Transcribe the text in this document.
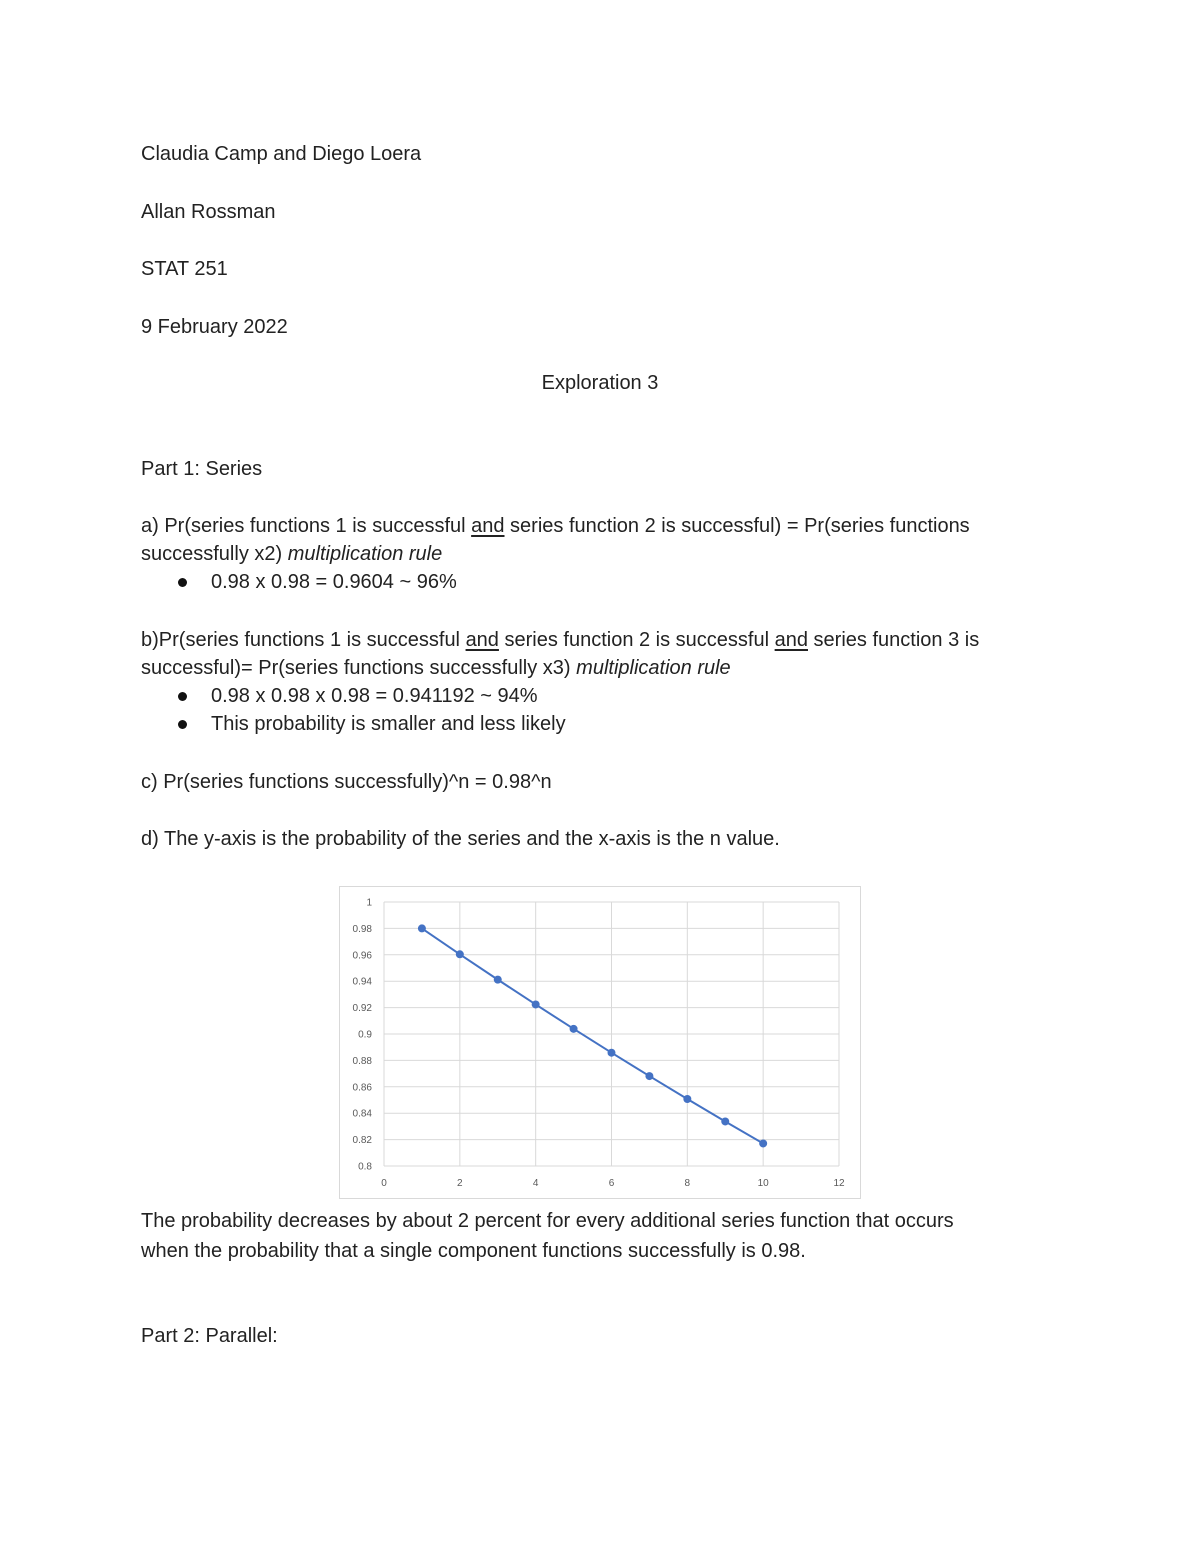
Claudia Camp and Diego Loera

Allan Rossman

STAT 251

9 February 2022

Exploration 3

Part 1: Series

a) Pr(series functions 1 is successful and series function 2 is successful) = Pr(series functions

successfully x2) multiplication rule

0.98 x 0.98 = 0.9604 ~ 96%

b)Pr(series functions 1 is successful and series function 2 is successful and series function 3 is

successful)= Pr(series functions successfully x3) multiplication rule

0.98 x 0.98 x 0.98 = 0.941192 ~ 94%
This probability is smaller and less likely

c) Pr(series functions successfully)^n = 0.98^n

d) The y-axis is the probability of the series and the x-axis is the n value.

0.8
0.82
0.84
0.86
0.88
0.9
0.92
0.94
0.96
0.98
1
0	2	4	6	8	10	12

The probability decreases by about 2 percent for every additional series function that occurs

when the probability that a single component functions successfully is 0.98.

Part 2: Parallel:
